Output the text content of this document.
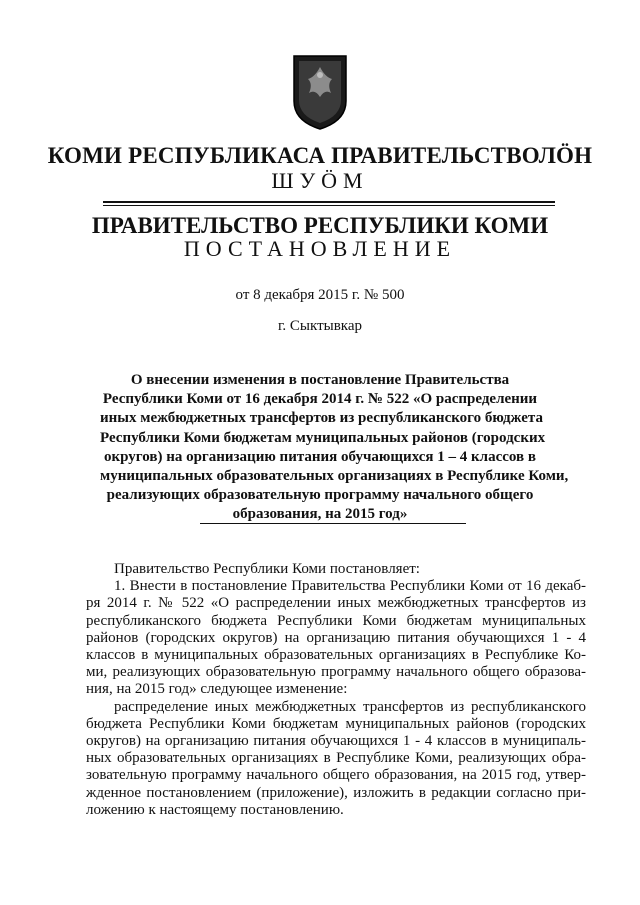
КОМИ РЕСПУБЛИКАСА ПРАВИТЕЛЬСТВОЛÖН
ШУÖМ
ПРАВИТЕЛЬСТВО РЕСПУБЛИКИ КОМИ
ПОСТАНОВЛЕНИЕ
от 8 декабря 2015 г. № 500
г. Сыктывкар
О внесении изменения в постановление Правительства
Республики Коми от 16 декабря 2014 г. № 522 «О распределении
иных межбюджетных трансфертов из республиканского бюджета
Республики Коми бюджетам муниципальных районов (городских
округов) на организацию питания обучающихся 1 – 4 классов в
муниципальных образовательных организациях в Республике Коми,
реализующих образовательную программу начального общего
образования, на 2015 год»
Правительство Республики Коми постановляет:
1. Внести в постановление Правительства Республики Коми от 16 декаб-
ря 2014 г. № 522 «О распределении иных межбюджетных трансфертов из
республиканского бюджета Республики Коми бюджетам муниципальных
районов (городских округов) на организацию питания обучающихся 1 - 4
классов в муниципальных образовательных организациях в Республике Ко-
ми, реализующих образовательную программу начального общего образова-
ния, на 2015 год» следующее изменение:
распределение иных межбюджетных трансфертов из республиканского
бюджета Республики Коми бюджетам муниципальных районов (городских
округов) на организацию питания обучающихся 1 - 4 классов в муниципаль-
ных образовательных организациях в Республике Коми, реализующих обра-
зовательную программу начального общего образования, на 2015 год, утвер-
жденное постановлением (приложение), изложить в редакции согласно при-
ложению к настоящему постановлению.
